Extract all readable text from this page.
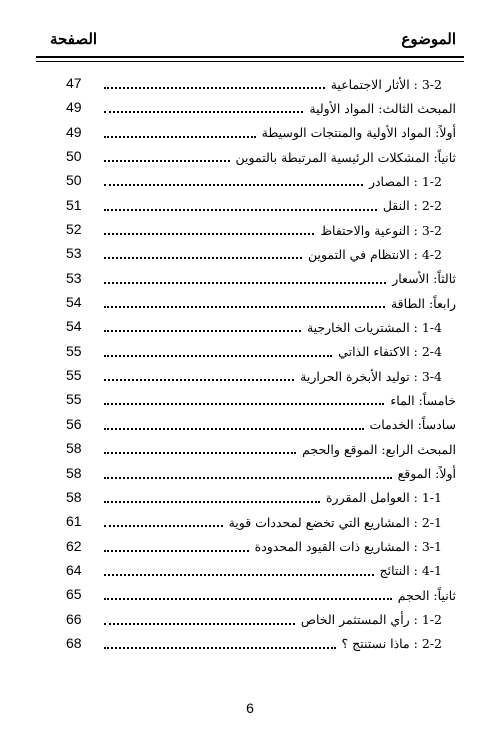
الصفحة	الموضوع
47	3-2 : الأثار الاجتماعية
49	المبحث الثالث: المواد الأولية
49	أولاً: المواد الأولية والمنتجات الوسيطة
50	ثانياً: المشكلات الرئيسية المرتبطة بالتموين
50	1-2 : المصادر
51	2-2 : النقل
52	3-2 : النوعية والاحتفاظ
53	4-2 : الانتظام في التموين
53	ثالثاً: الأسعار
54	رابعاً: الطاقة
54	1-4 : المشتريات الخارجية
55	2-4 : الاكتفاء الذاتي
55	3-4 : توليد الأبخرة الحرارية
55	خامساً: الماء
56	سادساً: الخدمات
58	المبحث الرابع: الموقع والحجم
58	أولاً: الموقع
58	1-1 : العوامل المقررة
61	2-1 : المشاريع التي تخضع لمحددات قوية
62	3-1 : المشاريع ذات القيود المحدودة
64	4-1 : النتائج
65	ثانياً: الحجم
66	1-2 : رأي المستثمر الخاص
68	2-2 : ماذا نستنتج ؟
6
